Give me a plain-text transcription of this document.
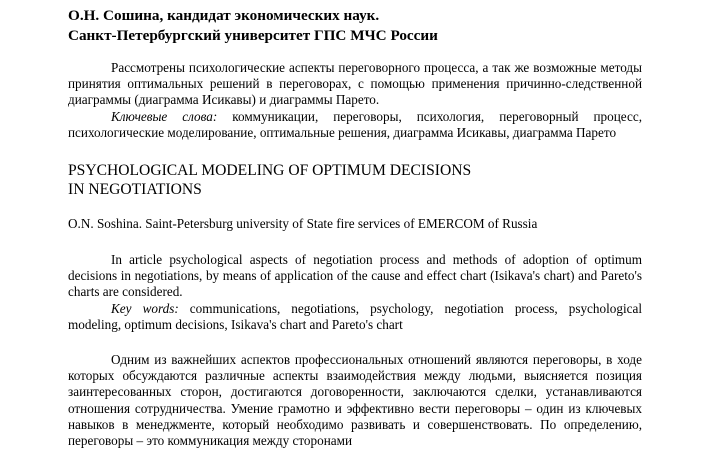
О.Н. Сошина, кандидат экономических наук.

Санкт-Петербургский университет ГПС МЧС России

Рассмотрены психологические аспекты переговорного процесса, а так же возможные методы принятия оптимальных решений в переговорах, с помощью применения причинно-следственной диаграммы (диаграмма Исикавы) и диаграммы Парето.

Ключевые слова: коммуникации, переговоры, психология, переговорный процесс, психологические моделирование, оптимальные решения, диаграмма Исикавы, диаграмма Парето

PSYCHOLOGICAL MODELING OF OPTIMUM DECISIONS
IN NEGOTIATIONS

O.N. Soshina. Saint-Petersburg university of State fire services of EMERCOM of Russia

In article psychological aspects of negotiation process and methods of adoption of optimum decisions in negotiations, by means of application of the cause and effect chart (Isikava's chart) and Pareto's charts are considered.

Key words: communications, negotiations, psychology, negotiation process, psychological modeling, optimum decisions, Isikava's chart and Pareto's chart

Одним из важнейших аспектов профессиональных отношений являются переговоры, в ходе которых обсуждаются различные аспекты взаимодействия между людьми, выясняется позиция заинтересованных сторон, достигаются договоренности, заключаются сделки, устанавливаются отношения сотрудничества. Умение грамотно и эффективно вести переговоры – один из ключевых навыков в менеджменте, который необходимо развивать и совершенствовать. По определению, переговоры – это коммуникация между сторонами
